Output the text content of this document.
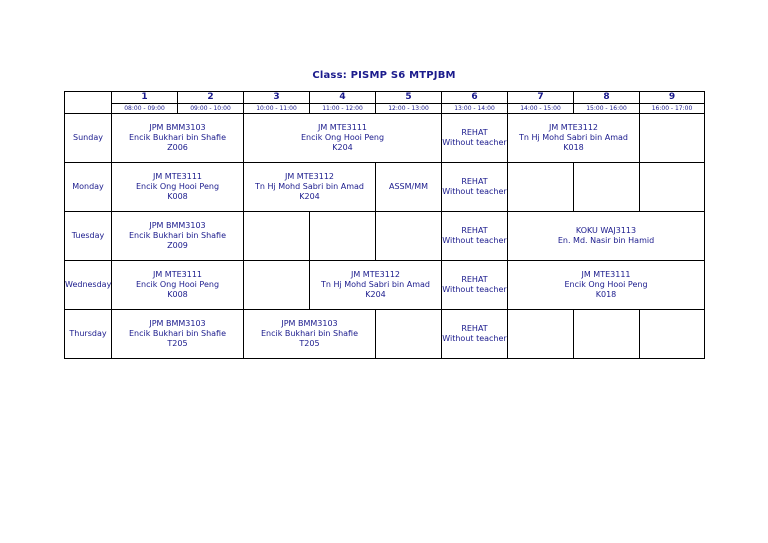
Class: PISMP S6 MTPJBM
	1	2	3	4	5	6	7	8	9
	08:00 - 09:00	09:00 - 10:00	10:00 - 11:00	11:00 - 12:00	12:00 - 13:00	13:00 - 14:00	14:00 - 15:00	15:00 - 16:00	16:00 - 17:00
Sunday	JPM BMM3103
Encik Bukhari bin Shafie
Z006		JM MTE3111
Encik Ong Hooi Peng
K204			REHAT
Without teacher	JM MTE3112
Tn Hj Mohd Sabri bin Amad
K018		

Monday	JM MTE3111
Encik Ong Hooi Peng
K008		JM MTE3112
Tn Hj Mohd Sabri bin Amad
K204		ASSM/MM	REHAT
Without teacher			

Tuesday	JPM BMM3103
Encik Bukhari bin Shafie
Z009					REHAT
Without teacher	KOKU WAJ3113
En. Md. Nasir bin Hamid		

Wednesday	JM MTE3111
Encik Ong Hooi Peng
K008			JM MTE3112
Tn Hj Mohd Sabri bin Amad
K204		REHAT
Without teacher	JM MTE3111
Encik Ong Hooi Peng
K018		

Thursday	JPM BMM3103
Encik Bukhari bin Shafie
T205		JPM BMM3103
Encik Bukhari bin Shafie
T205			REHAT
Without teacher			
